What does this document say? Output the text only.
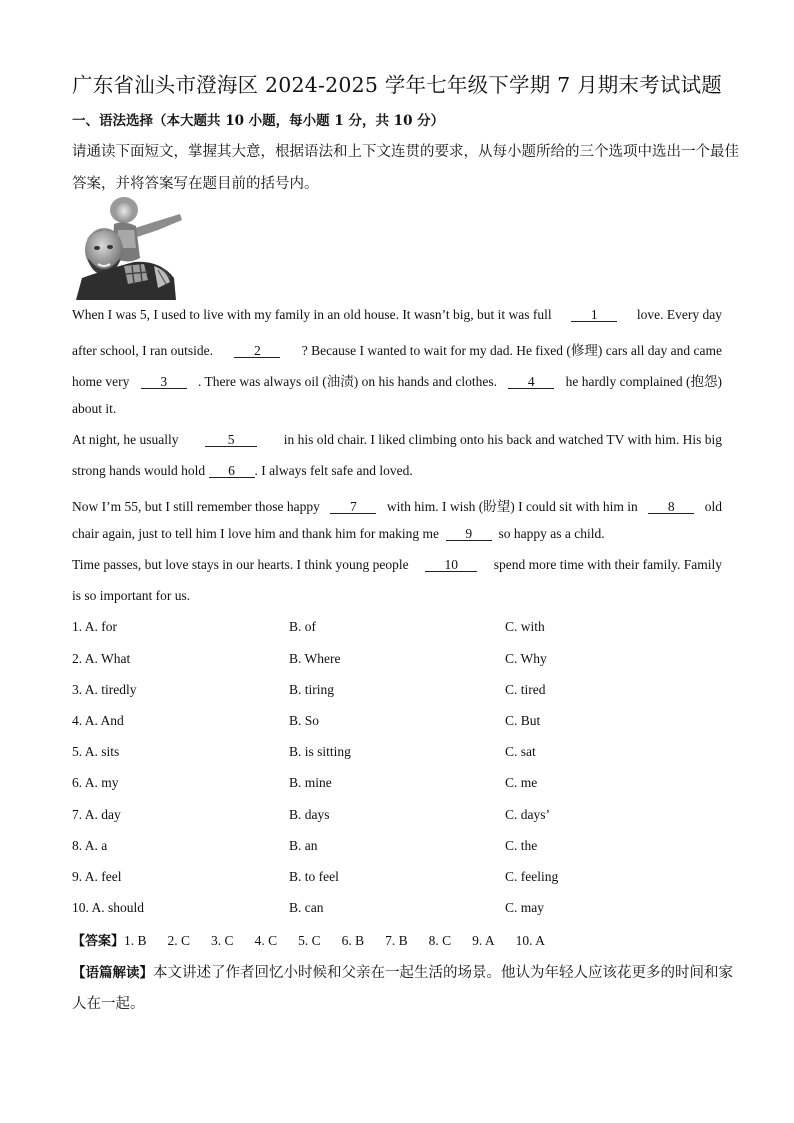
广东省汕头市澄海区 2024-2025 学年七年级下学期 7 月期末考试试题
一、语法选择（本大题共 10 小题，每小题 1 分，共 10 分）
请通读下面短文，掌握其大意，根据语法和上下文连贯的要求，从每小题所给的三个选项中选出一个最佳
答案，并将答案写在题目前的括号内。
When I was 5, I used to live with my family in an old house. It wasn’t big, but it was full	1	love. Every day
after school, I ran outside.	2	? Because I wanted to wait for my dad. He fixed (修理) cars all day and came
home very	3	. There was always oil (油渍) on his hands and clothes.	4	he hardly complained (抱怨)
about it.
At night, he usually	5	in his old chair. I liked climbing onto his back and watched TV with him. His big
strong hands would hold
	6	. I always felt safe and loved.
Now I’m 55, but I still remember those happy	7	with him. I wish (盼望) I could sit with him in	8	old
chair again, just to tell him I love him and thank him for making me
	9
	so happy as a child.
Time passes, but love stays in our hearts. I think young people	10	spend more time with their family. Family
is so important for us.
1. A. for	B. of	C. with
2. A. What	B. Where	C. Why
3. A. tiredly	B. tiring	C. tired
4. A. And	B. So	C. But
5. A. sits	B. is sitting	C. sat
6. A. my	B. mine	C. me
7. A. day	B. days	C. days’
8. A. a	B. an	C. the
9. A. feel	B. to feel	C. feeling
10. A. should	B. can	C. may
【答案】 1. B 2. C 3. C 4. C 5. C 6. B 7. B 8. C 9. A 10. A
【语篇解读】本文讲述了作者回忆小时候和父亲在一起生活的场景。他认为年轻人应该花更多的时间和家
人在一起。
